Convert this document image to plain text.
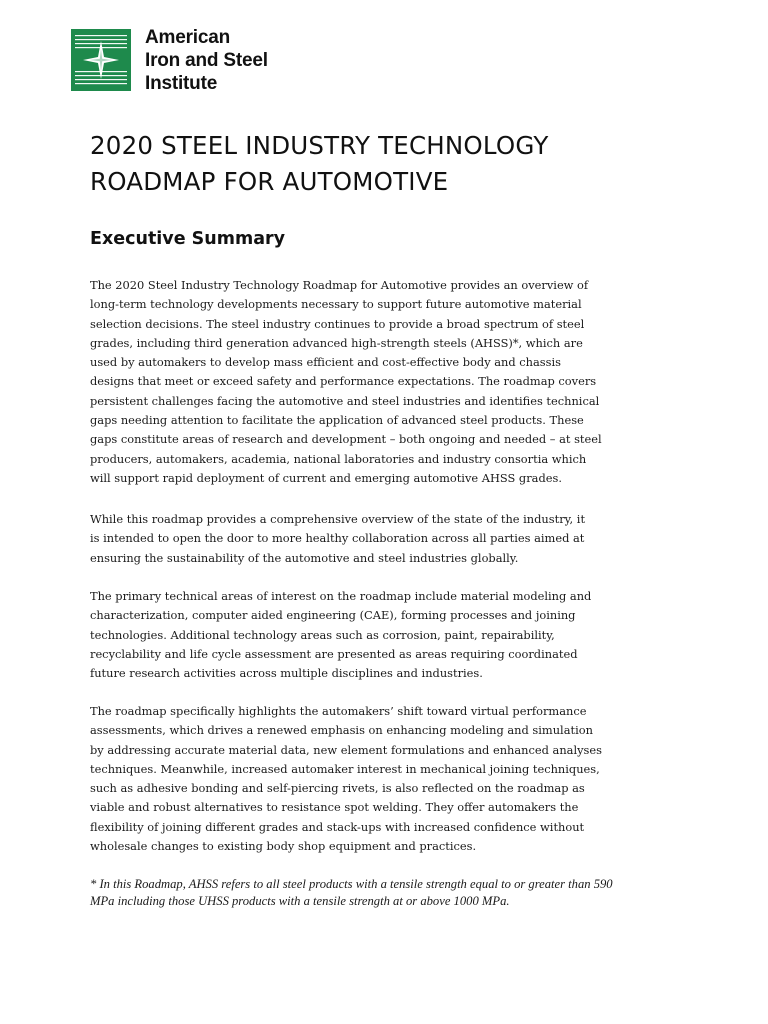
American
Iron and Steel
Institute
2020 STEEL INDUSTRY TECHNOLOGY
ROADMAP FOR AUTOMOTIVE
Executive Summary
The 2020 Steel Industry Technology Roadmap for Automotive provides an overview of
long-term technology developments necessary to support future automotive material
selection decisions. The steel industry continues to provide a broad spectrum of steel
grades, including third generation advanced high-strength steels (AHSS)*, which are
used by automakers to develop mass efficient and cost-effective body and chassis
designs that meet or exceed safety and performance expectations. The roadmap covers
persistent challenges facing the automotive and steel industries and identifies technical
gaps needing attention to facilitate the application of advanced steel products. These
gaps constitute areas of research and development – both ongoing and needed – at steel
producers, automakers, academia, national laboratories and industry consortia which
will support rapid deployment of current and emerging automotive AHSS grades.
While this roadmap provides a comprehensive overview of the state of the industry, it
is intended to open the door to more healthy collaboration across all parties aimed at
ensuring the sustainability of the automotive and steel industries globally.
The primary technical areas of interest on the roadmap include material modeling and
characterization, computer aided engineering (CAE), forming processes and joining
technologies. Additional technology areas such as corrosion, paint, repairability,
recyclability and life cycle assessment are presented as areas requiring coordinated
future research activities across multiple disciplines and industries.
The roadmap specifically highlights the automakers’ shift toward virtual performance
assessments, which drives a renewed emphasis on enhancing modeling and simulation
by addressing accurate material data, new element formulations and enhanced analyses
techniques. Meanwhile, increased automaker interest in mechanical joining techniques,
such as adhesive bonding and self-piercing rivets, is also reflected on the roadmap as
viable and robust alternatives to resistance spot welding. They offer automakers the
flexibility of joining different grades and stack-ups with increased confidence without
wholesale changes to existing body shop equipment and practices.
* In this Roadmap, AHSS refers to all steel products with a tensile strength equal to or greater than 590
MPa including those UHSS products with a tensile strength at or above 1000 MPa.
